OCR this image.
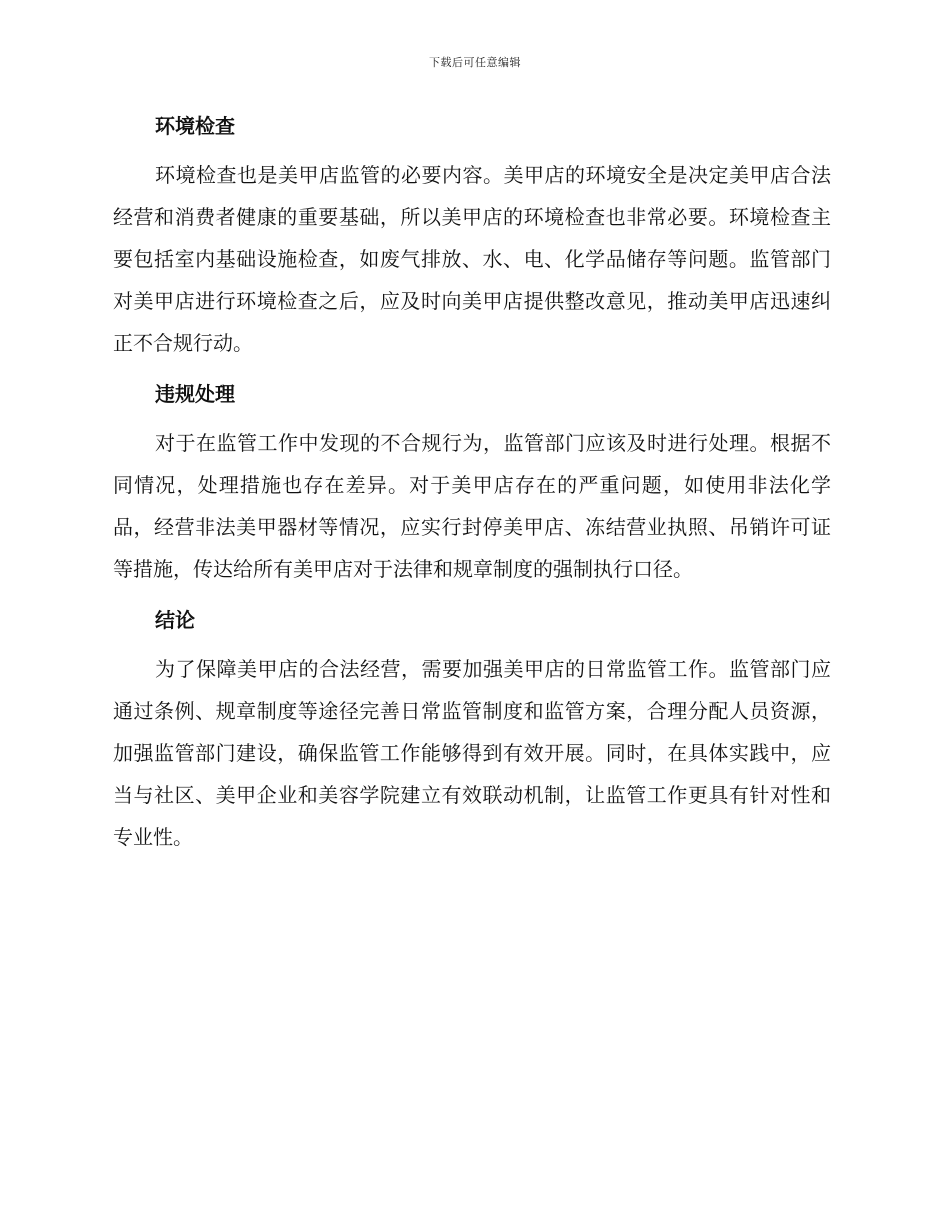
下载后可任意编辑
环境检查

环境检查也是美甲店监管的必要内容。美甲店的环境安全是决定美甲店合法经营和消费者健康的重要基础，所以美甲店的环境检查也非常必要。环境检查主要包括室内基础设施检查，如废气排放、水、电、化学品储存等问题。监管部门对美甲店进行环境检查之后，应及时向美甲店提供整改意见，推动美甲店迅速纠正不合规行动。

违规处理

对于在监管工作中发现的不合规行为，监管部门应该及时进行处理。根据不同情况，处理措施也存在差异。对于美甲店存在的严重问题，如使用非法化学品，经营非法美甲器材等情况，应实行封停美甲店、冻结营业执照、吊销许可证等措施，传达给所有美甲店对于法律和规章制度的强制执行口径。

结论

为了保障美甲店的合法经营，需要加强美甲店的日常监管工作。监管部门应通过条例、规章制度等途径完善日常监管制度和监管方案，合理分配人员资源，加强监管部门建设，确保监管工作能够得到有效开展。同时，在具体实践中，应当与社区、美甲企业和美容学院建立有效联动机制，让监管工作更具有针对性和专业性。
